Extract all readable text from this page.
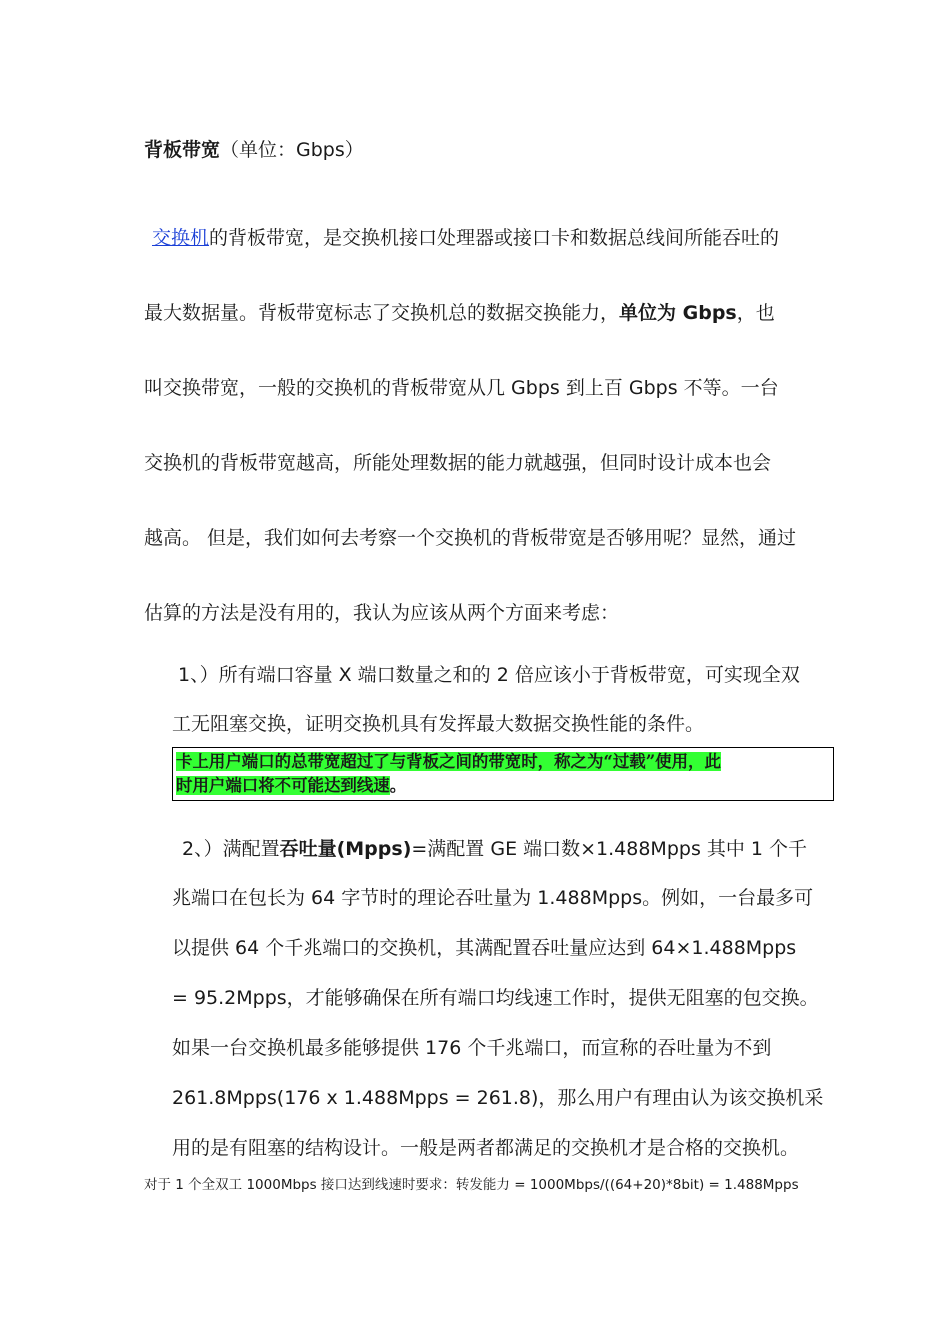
背板带宽（单位：Gbps）
交换机的背板带宽，是交换机接口处理器或接口卡和数据总线间所能吞吐的
最大数据量。背板带宽标志了交换机总的数据交换能力，单位为 Gbps，也
叫交换带宽，一般的交换机的背板带宽从几 Gbps 到上百 Gbps 不等。一台
交换机的背板带宽越高，所能处理数据的能力就越强，但同时设计成本也会
越高。 但是，我们如何去考察一个交换机的背板带宽是否够用呢？显然，通过
估算的方法是没有用的，我认为应该从两个方面来考虑：
1、）所有端口容量 X 端口数量之和的 2 倍应该小于背板带宽，可实现全双
工无阻塞交换，证明交换机具有发挥最大数据交换性能的条件。
卡上用户端口的总带宽超过了与背板之间的带宽时，称之为“过载”使用，此
时用户端口将不可能达到线速。
2、）满配置吞吐量(Mpps)=满配置 GE 端口数×1.488Mpps 其中 1 个千
兆端口在包长为 64 字节时的理论吞吐量为 1.488Mpps。例如，一台最多可
以提供 64 个千兆端口的交换机，其满配置吞吐量应达到 64×1.488Mpps
= 95.2Mpps，才能够确保在所有端口均线速工作时，提供无阻塞的包交换。
如果一台交换机最多能够提供 176 个千兆端口，而宣称的吞吐量为不到
261.8Mpps(176 x 1.488Mpps = 261.8)，那么用户有理由认为该交换机采
用的是有阻塞的结构设计。一般是两者都满足的交换机才是合格的交换机。
对于 1 个全双工 1000Mbps 接口达到线速时要求：转发能力 = 1000Mbps/((64+20)*8bit) = 1.488Mpps
